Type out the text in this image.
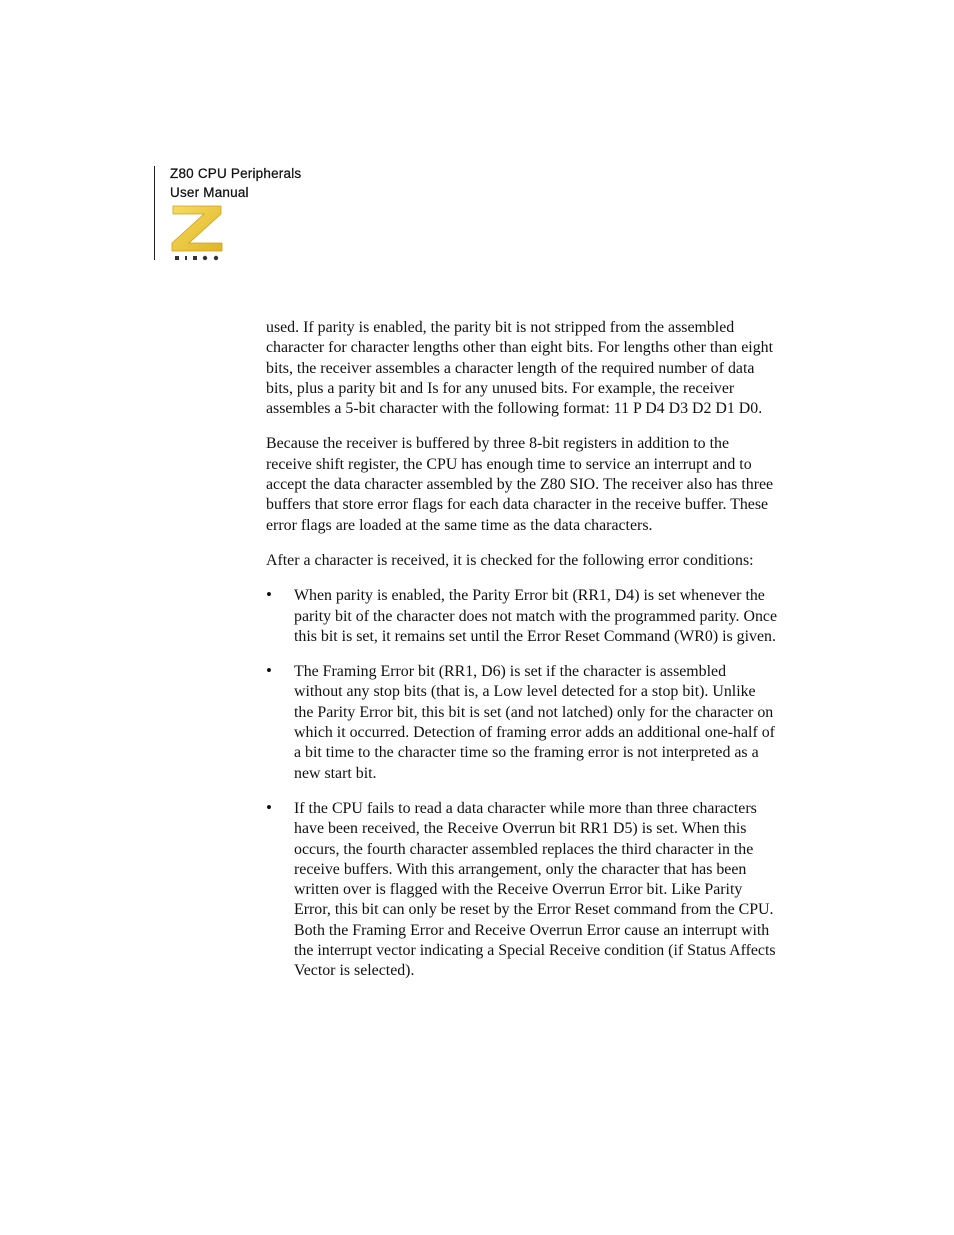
Z80 CPU Peripherals
User Manual

used. If parity is enabled, the parity bit is not stripped from the assembled character for character lengths other than eight bits. For lengths other than eight bits, the receiver assembles a character length of the required number of data bits, plus a parity bit and Is for any unused bits. For example, the receiver assembles a 5-bit character with the following format: 11 P D4 D3 D2 D1 D0.

Because the receiver is buffered by three 8-bit registers in addition to the receive shift register, the CPU has enough time to service an interrupt and to accept the data character assembled by the Z80 SIO. The receiver also has three buffers that store error flags for each data character in the receive buffer. These error flags are loaded at the same time as the data characters.

After a character is received, it is checked for the following error conditions:

• When parity is enabled, the Parity Error bit (RR1, D4) is set whenever the parity bit of the character does not match with the programmed parity. Once this bit is set, it remains set until the Error Reset Command (WR0) is given.
• The Framing Error bit (RR1, D6) is set if the character is assembled without any stop bits (that is, a Low level detected for a stop bit). Unlike the Parity Error bit, this bit is set (and not latched) only for the character on which it occurred. Detection of framing error adds an additional one-half of a bit time to the character time so the framing error is not interpreted as a new start bit.
• If the CPU fails to read a data character while more than three characters have been received, the Receive Overrun bit RR1 D5) is set. When this occurs, the fourth character assembled replaces the third character in the receive buffers. With this arrangement, only the character that has been written over is flagged with the Receive Overrun Error bit. Like Parity Error, this bit can only be reset by the Error Reset command from the CPU. Both the Framing Error and Receive Overrun Error cause an interrupt with the interrupt vector indicating a Special Receive condition (if Status Affects Vector is selected).
